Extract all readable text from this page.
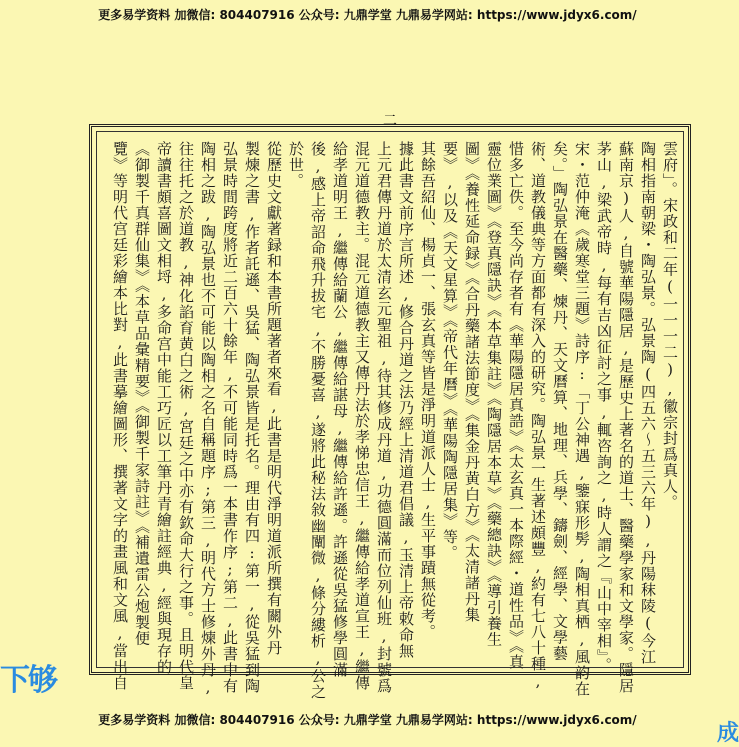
更多易学资料 加微信: 804407916 公众号: 九鼎学堂 九鼎易学网站: https://www.jdyx6.com/
二
雲府」。宋政和二年(一一一二),徽宗封爲真人。
陶相指南朝梁・陶弘景。弘景陶(四五六～五三六年),丹陽秣陵(今江
蘇南京)人,自號華陽隱居,是歷史上著名的道士、醫藥學家和文學家。隱居
茅山,梁武帝時,每有吉凶征討之事,輒咨詢之,時人謂之『山中宰相』。
宋・范仲淹《歲寒堂三題》詩序:「丁公神遇,鑒寐形髣,陶相真栖,風韵在
矣。」陶弘景在醫藥、煉丹、天文曆算、地理、兵學、鑄劍、經學、文學藝
術、道教儀典等方面都有深入的研究。陶弘景一生著述頗豐,約有七八十種,
惜多亡佚。至今尚存者有《華陽隱居真誥》《太玄真一本際經・道性品》《真
靈位業圖》《登真隱訣》《本草集註》《陶隱居本草》《藥總訣》《導引養生
圖》《養性延命録》《合丹藥諸法節度》《集金丹黄白方》《太清諸丹集
要》,以及《天文星算》《帝代年曆》《華陽陶隱居集》等。
其餘吾紹仙、楊貞一、張玄真等皆是淨明道派人士,生平事蹟無從考。
據此書文前序言所述,修合丹道之法乃經上清道君倡議,玉清上帝敕命無
上元君傳丹道於太清玄元聖祖,待其修成丹道,功德圓滿而位列仙班,封號爲
混元道德教主。混元道德教主又傳丹法於孝悌忠信王,繼傳給孝道宣王,繼傳
給孝道明王,繼傳給蘭公,繼傳給諶母,繼傳給許遜。許遜從吳猛修學圓滿
後,感上帝詔命飛升拔宅,不勝憂喜,遂將此秘法敘幽闡微,條分縷析,公之
於世。
從歷史文獻著録和本書所題著者來看,此書是明代淨明道派所撰有關外丹
製煉之書,作者託遜、吳猛、陶弘景皆是托名。理由有四:第一,從吳猛到陶
弘景時間跨度將近二百六十餘年,不可能同時爲一本書作序;第二,此書中有
陶相之跋,陶弘景也不可能以陶相之名自稱題序;第三,明代方士修煉外丹,
往往托之於道教,神化諂育黄白之術,宮廷之中亦有欽命大行之事。且明代皇
帝讀書頗喜圖文相埒,多命宫中能工巧匠以工筆丹青繪註經典,經與現存的
《御製千真群仙集》《本草品彙精要》《御製千家詩註》《補遺雷公炮製便
覽》等明代宫廷彩繪本比對,此書摹繪圖形、撰著文字的畫風和文風,當出自
下够
成
更多易学资料 加微信: 804407916 公众号: 九鼎学堂 九鼎易学网站: https://www.jdyx6.com/
